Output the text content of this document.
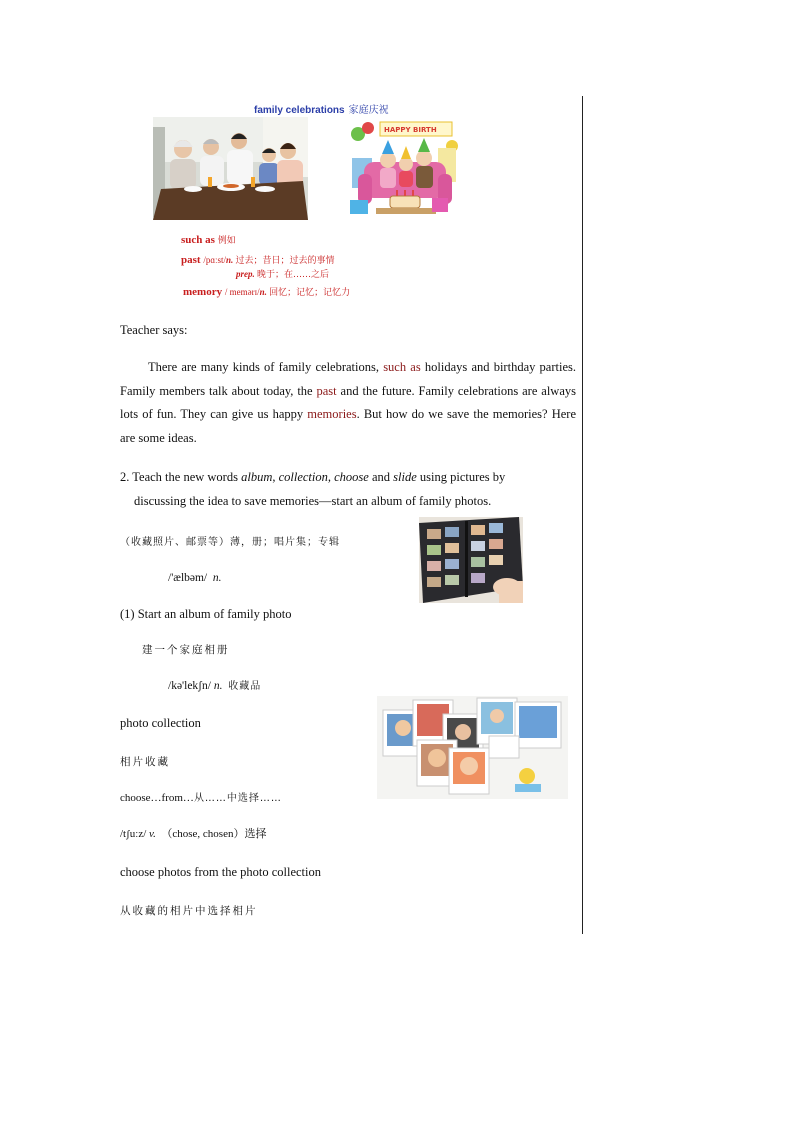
family celebrations 家庭庆祝
HAPPY BIRTH
such as 例如
past /pɑːst/n. 过去；昔日；过去的事情
prep. 晚于；在……之后
memory / memərɪ/n. 回忆；记忆；记忆力
Teacher says:
There are many kinds of family celebrations, such as holidays and birthday parties. Family members talk about today, the past and the future. Family celebrations are always lots of fun. They can give us happy memories. But how do we save the memories? Here are some ideas.
2. Teach the new words album, collection, choose and slide using pictures by
discussing the idea to save memories—start an album of family photos.
（收藏照片、邮票等）薄，册；唱片集；专辑
/'ælbəm/ n.
(1) Start an album of family photo
建一个家庭相册
/kə'lekʃn/ n. 收藏品
photo collection
相片收藏
choose…from…从……中选择……
/tʃuːz/ v. （chose, chosen）选择
choose photos from the photo collection
从收藏的相片中选择相片
